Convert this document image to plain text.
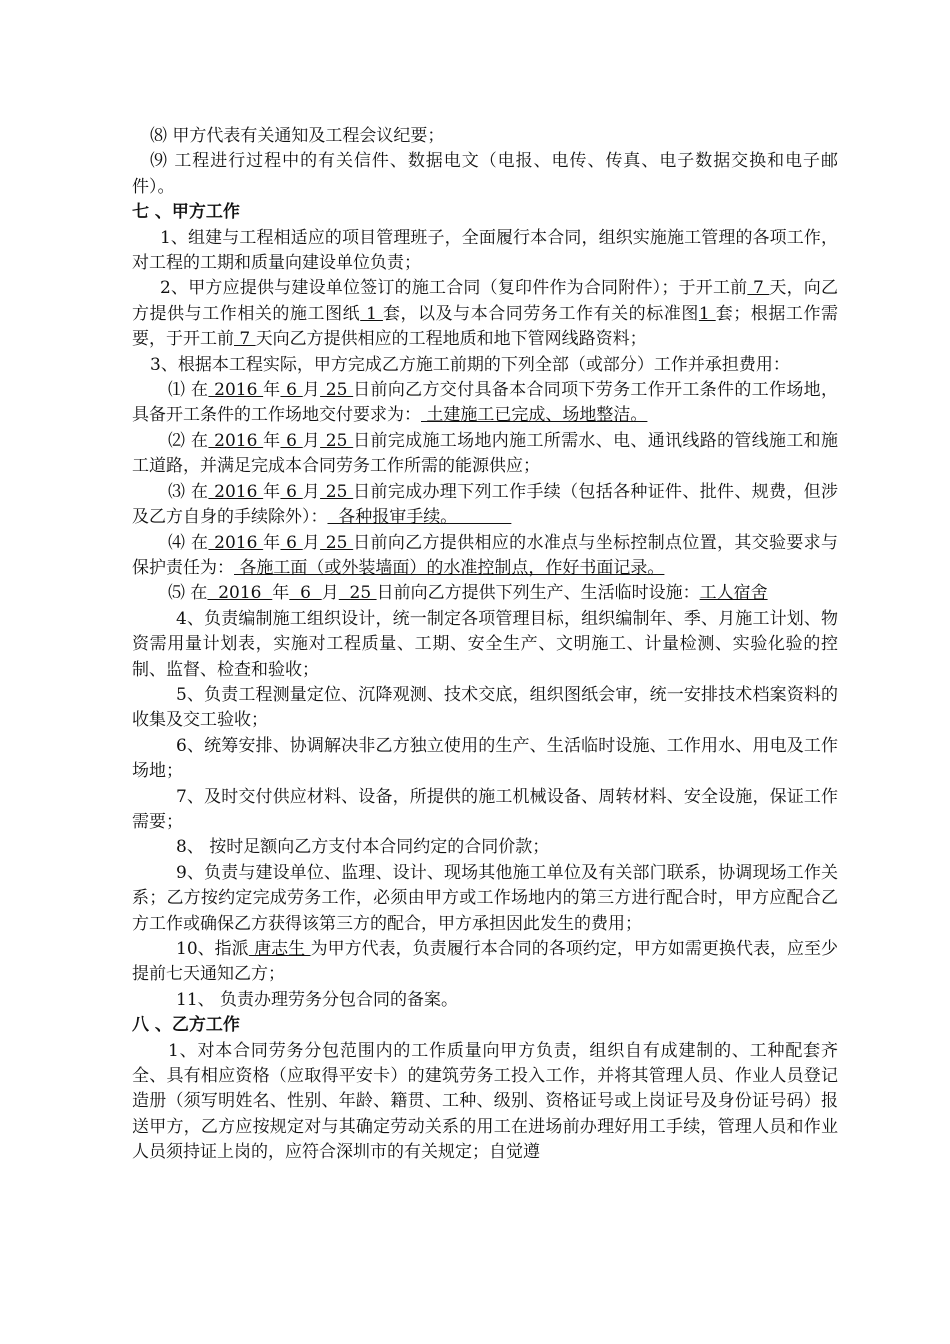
⑻ 甲方代表有关通知及工程会议纪要；

⑼ 工程进行过程中的有关信件、数据电文（电报、电传、传真、电子数据交换和电子邮件）。

七 、甲方工作

1、组建与工程相适应的项目管理班子，全面履行本合同，组织实施施工管理的各项工作，对工程的工期和质量向建设单位负责；

2、甲方应提供与建设单位签订的施工合同（复印件作为合同附件）；于开工前 7 天，向乙方提供与工作相关的施工图纸 1 套，以及与本合同劳务工作有关的标准图1 套；根据工作需要，于开工前 7 天向乙方提供相应的工程地质和地下管网线路资料；

3、根据本工程实际，甲方完成乙方施工前期的下列全部（或部分）工作并承担费用：

⑴ 在 2016 年 6 月 25 日前向乙方交付具备本合同项下劳务工作开工条件的工作场地，具备开工条件的工作场地交付要求为： 土建施工已完成、场地整洁。

⑵ 在 2016 年 6 月 25 日前完成施工场地内施工所需水、电、通讯线路的管线施工和施工道路，并满足完成本合同劳务工作所需的能源供应；

⑶ 在 2016 年 6 月 25 日前完成办理下列工作手续（包括各种证件、批件、规费，但涉及乙方自身的手续除外）：  各种报审手续。

⑷ 在 2016 年 6 月 25 日前向乙方提供相应的水准点与坐标控制点位置，其交验要求与保护责任为： 各施工面（或外装墙面）的水准控制点，作好书面记录。

⑸ 在  2016  年  6  月  25 日前向乙方提供下列生产、生活临时设施：工人宿舍

4、负责编制施工组织设计，统一制定各项管理目标，组织编制年、季、月施工计划、物资需用量计划表，实施对工程质量、工期、安全生产、文明施工、计量检测、实验化验的控制、监督、检查和验收；

5、负责工程测量定位、沉降观测、技术交底，组织图纸会审，统一安排技术档案资料的收集及交工验收；

6、统筹安排、协调解决非乙方独立使用的生产、生活临时设施、工作用水、用电及工作场地；

7、及时交付供应材料、设备，所提供的施工机械设备、周转材料、安全设施，保证工作需要；

8、 按时足额向乙方支付本合同约定的合同价款；

9、负责与建设单位、监理、设计、现场其他施工单位及有关部门联系，协调现场工作关系；乙方按约定完成劳务工作，必须由甲方或工作场地内的第三方进行配合时，甲方应配合乙方工作或确保乙方获得该第三方的配合，甲方承担因此发生的费用；

10、指派 唐志生 为甲方代表，负责履行本合同的各项约定，甲方如需更换代表，应至少提前七天通知乙方；

11、 负责办理劳务分包合同的备案。

八 、乙方工作

1、对本合同劳务分包范围内的工作质量向甲方负责，组织自有成建制的、工种配套齐全、具有相应资格（应取得平安卡）的建筑劳务工投入工作，并将其管理人员、作业人员登记造册（须写明姓名、性别、年龄、籍贯、工种、级别、资格证号或上岗证号及身份证号码）报送甲方，乙方应按规定对与其确定劳动关系的用工在进场前办理好用工手续，管理人员和作业人员须持证上岗的，应符合深圳市的有关规定；自觉遵
